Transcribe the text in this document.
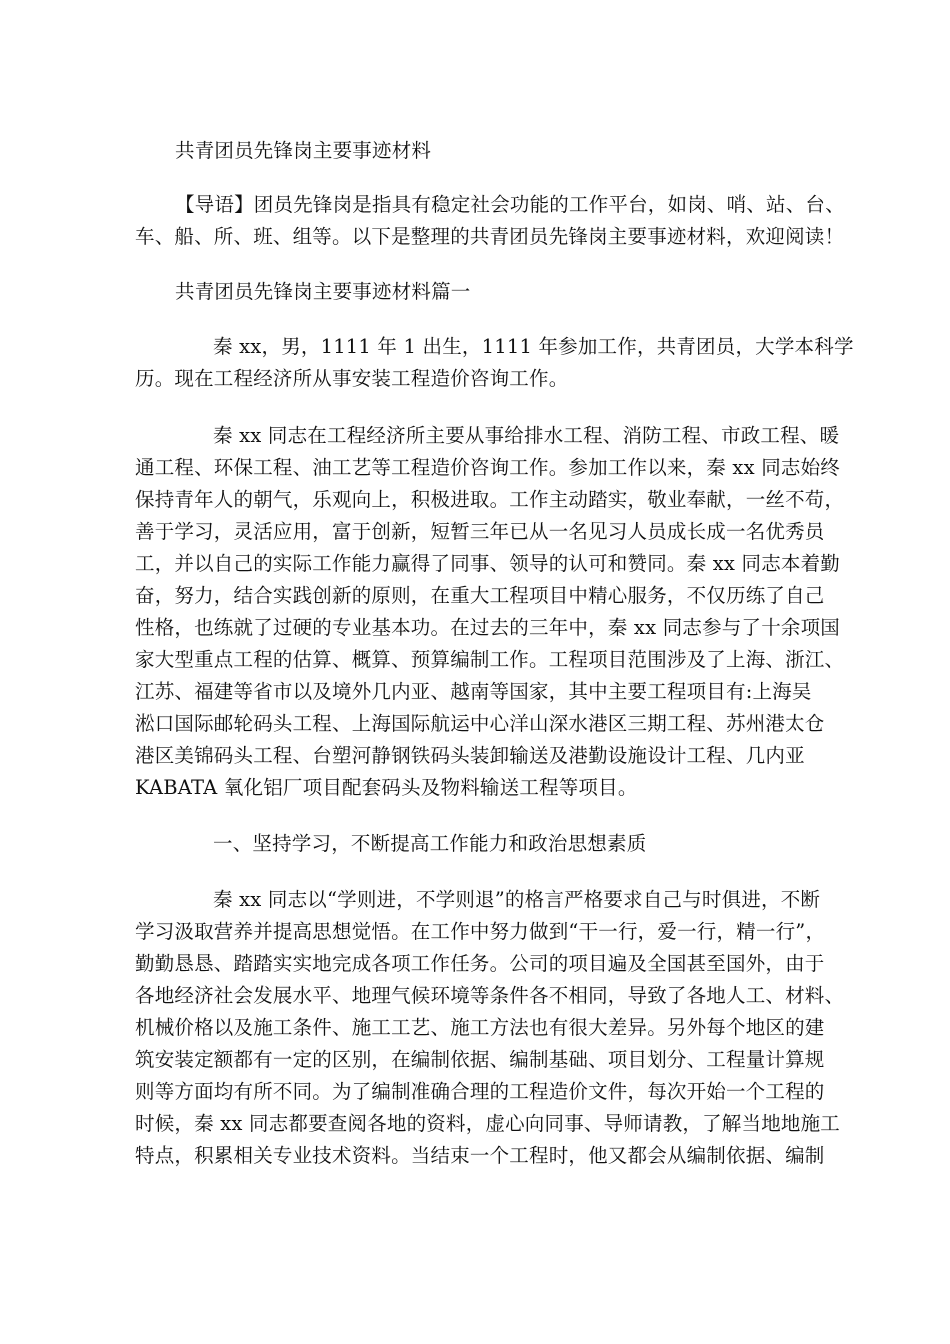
共青团员先锋岗主要事迹材料
【导语】团员先锋岗是指具有稳定社会功能的工作平台，如岗、哨、站、台、
车、船、所、班、组等。以下是整理的共青团员先锋岗主要事迹材料，欢迎阅读！
共青团员先锋岗主要事迹材料篇一
秦 xx，男，1111 年 1 出生，1111 年参加工作，共青团员，大学本科学
历。现在工程经济所从事安装工程造价咨询工作。
秦 xx 同志在工程经济所主要从事给排水工程、消防工程、市政工程、暖
通工程、环保工程、油工艺等工程造价咨询工作。参加工作以来，秦 xx 同志始终
保持青年人的朝气，乐观向上，积极进取。工作主动踏实，敬业奉献，一丝不苟，
善于学习，灵活应用，富于创新，短暂三年已从一名见习人员成长成一名优秀员
工，并以自己的实际工作能力赢得了同事、领导的认可和赞同。秦 xx 同志本着勤
奋，努力，结合实践创新的原则，在重大工程项目中精心服务，不仅历练了自己
性格，也练就了过硬的专业基本功。在过去的三年中，秦 xx 同志参与了十余项国
家大型重点工程的估算、概算、预算编制工作。工程项目范围涉及了上海、浙江、
江苏、福建等省市以及境外几内亚、越南等国家，其中主要工程项目有:上海吴
淞口国际邮轮码头工程、上海国际航运中心洋山深水港区三期工程、苏州港太仓
港区美锦码头工程、台塑河静钢铁码头装卸输送及港勤设施设计工程、几内亚
KABATA 氧化铝厂项目配套码头及物料输送工程等项目。
一、坚持学习，不断提高工作能力和政治思想素质
秦 xx 同志以“学则进，不学则退”的格言严格要求自己与时俱进，不断
学习汲取营养并提高思想觉悟。在工作中努力做到“干一行，爱一行，精一行”，
勤勤恳恳、踏踏实实地完成各项工作任务。公司的项目遍及全国甚至国外，由于
各地经济社会发展水平、地理气候环境等条件各不相同，导致了各地人工、材料、
机械价格以及施工条件、施工工艺、施工方法也有很大差异。另外每个地区的建
筑安装定额都有一定的区别，在编制依据、编制基础、项目划分、工程量计算规
则等方面均有所不同。为了编制准确合理的工程造价文件，每次开始一个工程的
时候，秦 xx 同志都要查阅各地的资料，虚心向同事、导师请教，了解当地地施工
特点，积累相关专业技术资料。当结束一个工程时，他又都会从编制依据、编制
